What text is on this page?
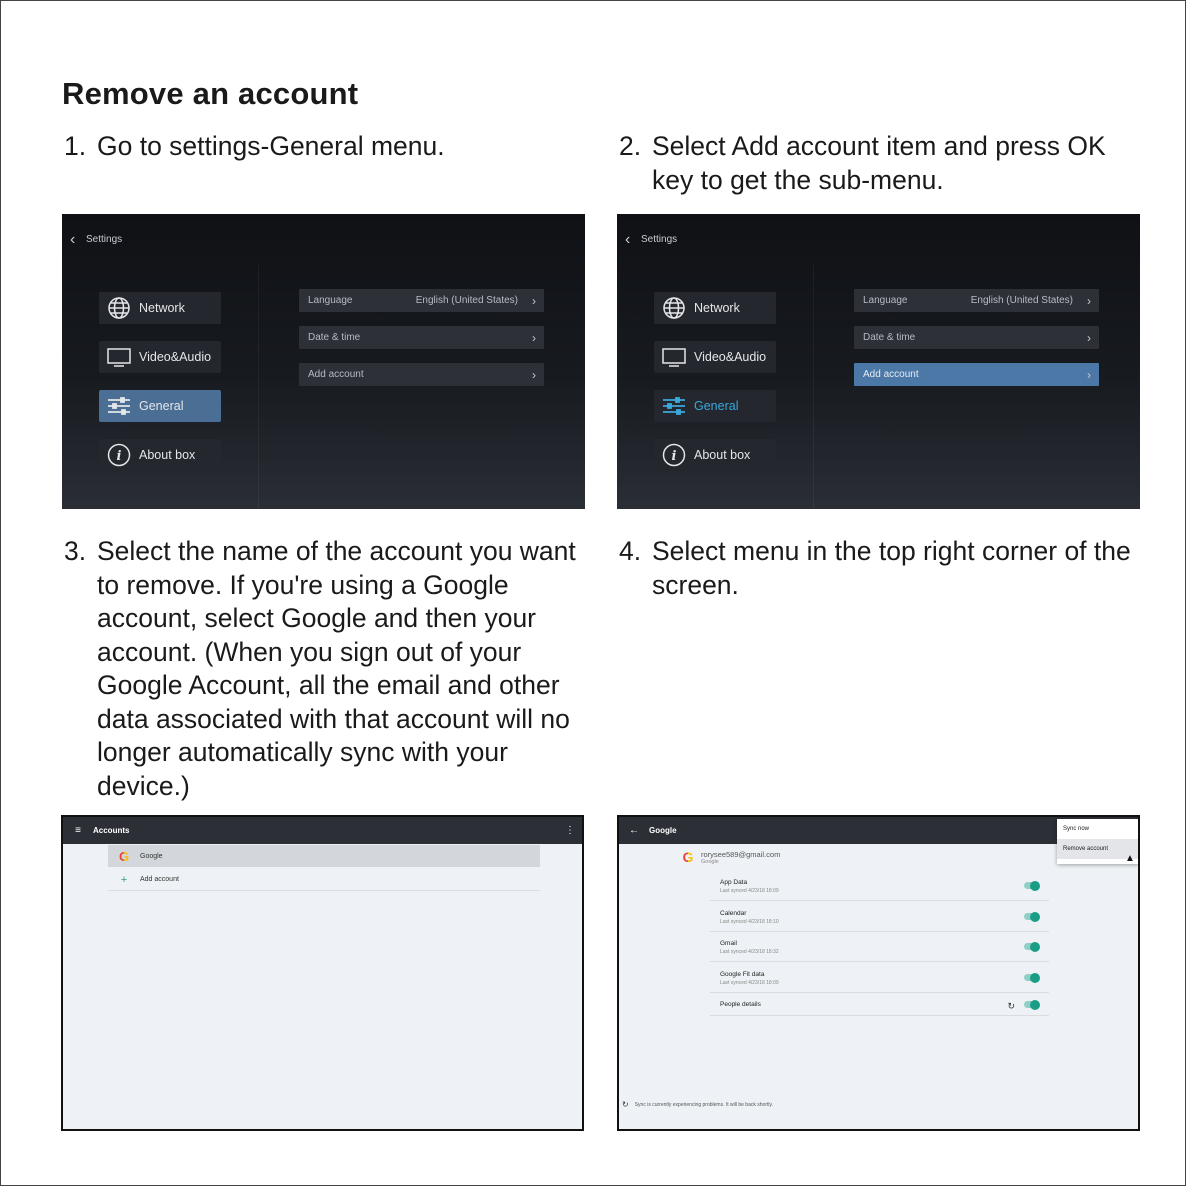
Remove an account
1. Go to settings-General menu.	2. Select Add account item and press OK key to get the sub-menu.
3. Select the name of the account you want to remove. If you're using a Google account, select Google and then your account. (When you sign out of your Google Account, all the email and other data associated with that account will no longer automatically sync with your device.)
4. Select menu in the top right corner of the screen.
‹ Settings
Network
Video&Audio
General
i About box
Language	English (United States) ›
Date & time	›
Add account	›
‹ Settings
Network
Video&Audio
General
i About box
Language	English (United States) ›
Date & time	›
Add account	›
≡	Accounts	⋮
G	Google
+	Add account
←	Google
G	rorysee589@gmail.com
Google
App Data
Last synced 4/23/18 18:09
Calendar
Last synced 4/23/18 18:10
Gmail
Last synced 4/23/18 18:32
Google Fit data
Last synced 4/23/18 18:09
People details	↻
Sync now
Remove account
▲
↻ Sync is currently experiencing problems. It will be back shortly.
